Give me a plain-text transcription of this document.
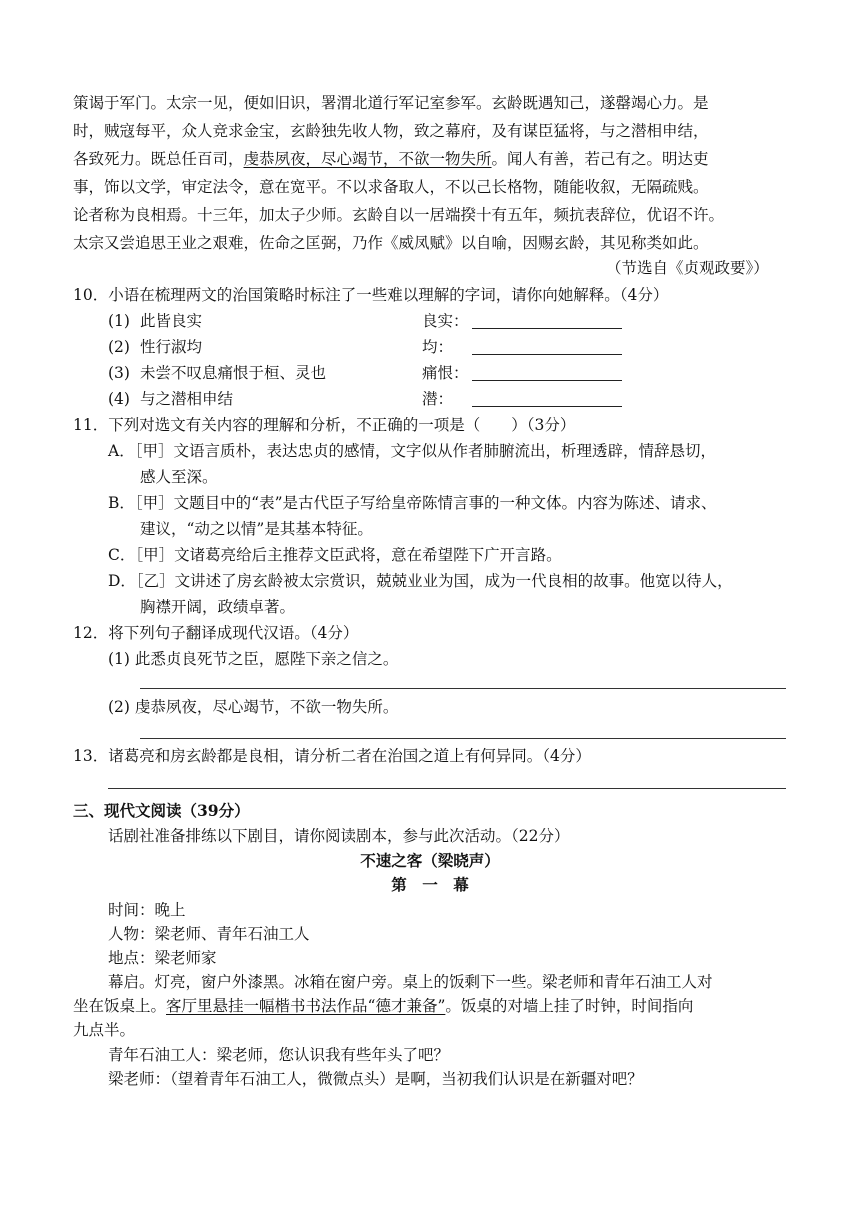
策谒于军门。太宗一见，便如旧识，署渭北道行军记室参军。玄龄既遇知己，遂罄竭心力。是
时，贼寇每平，众人竞求金宝，玄龄独先收人物，致之幕府，及有谋臣猛将，与之潜相申结，
各致死力。既总任百司，虔恭夙夜，尽心竭节，不欲一物失所。闻人有善，若己有之。明达吏
事，饰以文学，审定法令，意在宽平。不以求备取人，不以己长格物，随能收叙，无隔疏贱。
论者称为良相焉。十三年，加太子少师。玄龄自以一居端揆十有五年，频抗表辞位，优诏不许。
太宗又尝追思王业之艰难，佐命之匡弼，乃作《威凤赋》以自喻，因赐玄龄，其见称类如此。
（节选自《贞观政要》）
10．小语在梳理两文的治国策略时标注了一些难以理解的字词，请你向她解释。（4分）
(1) 此皆良实	良实：
(2) 性行淑均	均：
(3) 未尝不叹息痛恨于桓、灵也	痛恨：
(4) 与之潜相申结	潜：
11．下列对选文有关内容的理解和分析，不正确的一项是（　　）（3分）
A．［甲］文语言质朴，表达忠贞的感情，文字似从作者肺腑流出，析理透辟，情辞恳切，
感人至深。
B．［甲］文题目中的“表”是古代臣子写给皇帝陈情言事的一种文体。内容为陈述、请求、
建议，“动之以情”是其基本特征。
C．［甲］文诸葛亮给后主推荐文臣武将，意在希望陛下广开言路。
D．［乙］文讲述了房玄龄被太宗赏识，兢兢业业为国，成为一代良相的故事。他宽以待人，
胸襟开阔，政绩卓著。
12．将下列句子翻译成现代汉语。（4分）
(1) 此悉贞良死节之臣，愿陛下亲之信之。
(2) 虔恭夙夜，尽心竭节，不欲一物失所。
13．诸葛亮和房玄龄都是良相，请分析二者在治国之道上有何异同。（4分）
三、现代文阅读（39分）
话剧社准备排练以下剧目，请你阅读剧本，参与此次活动。（22分）
不速之客（梁晓声）
第　一　幕
时间：晚上
人物：梁老师、青年石油工人
地点：梁老师家
幕启。灯亮，窗户外漆黑。冰箱在窗户旁。桌上的饭剩下一些。梁老师和青年石油工人对
坐在饭桌上。客厅里悬挂一幅楷书书法作品“德才兼备”。饭桌的对墙上挂了时钟，时间指向
九点半。
青年石油工人：梁老师，您认识我有些年头了吧？
梁老师：（望着青年石油工人，微微点头）是啊，当初我们认识是在新疆对吧？
